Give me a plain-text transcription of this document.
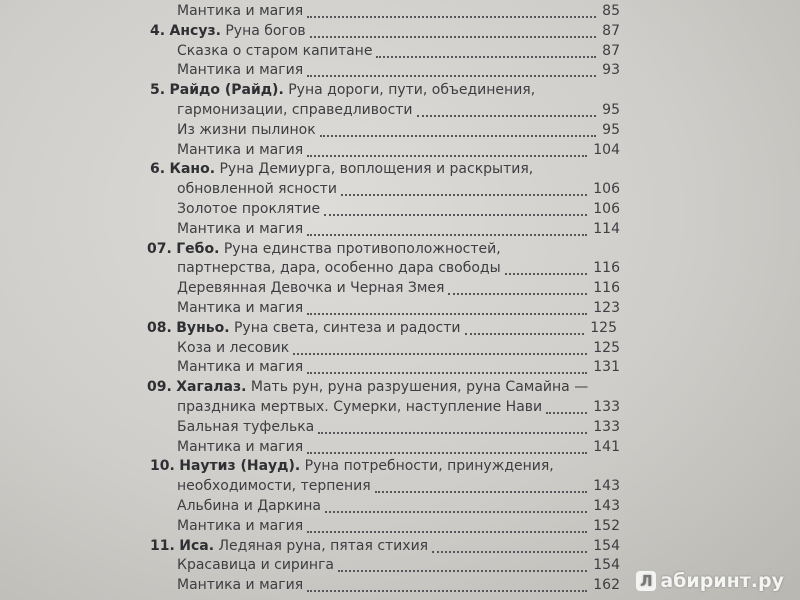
Мантика и магия	85
4. Ансуз. Руна богов	87
Сказка о старом капитане	87
Мантика и магия	93
5. Райдо (Райд). Руна дороги, пути, объединения,
гармонизации, справедливости	95
Из жизни пылинок	95
Мантика и магия	104
6. Кано. Руна Демиурга, воплощения и раскрытия,
обновленной ясности	106
Золотое проклятие	106
Мантика и магия	114
07. Гебо. Руна единства противоположностей,
партнерства, дара, особенно дара свободы	116
Деревянная Девочка и Черная Змея	116
Мантика и магия	123
08. Вуньо. Руна света, синтеза и радости	125
Коза и лесовик	125
Мантика и магия	131
09. Хагалаз. Мать рун, руна разрушения, руна Самайна —
праздника мертвых. Сумерки, наступление Нави	133
Бальная туфелька	133
Мантика и магия	141
10. Наутиз (Науд). Руна потребности, принуждения,
необходимости, терпения	143
Альбина и Даркина	143
Мантика и магия	152
11. Иса. Ледяная руна, пятая стихия	154
Красавица и сиринга	154
Мантика и магия	162 Л абиринт.ру
